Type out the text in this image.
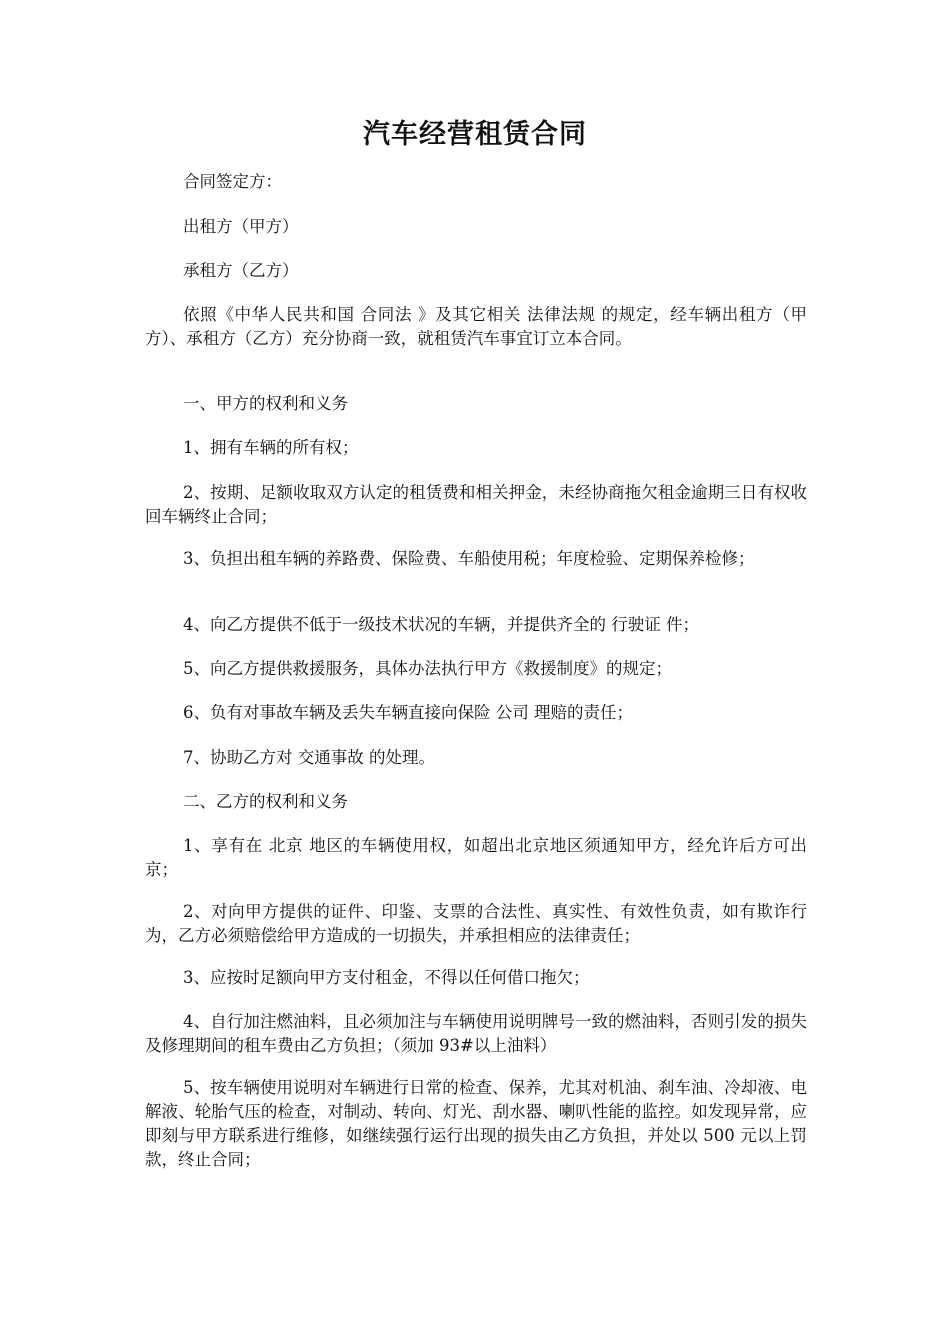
汽车经营租赁合同

合同签定方：

出租方（甲方）

承租方（乙方）

依照《中华人民共和国 合同法 》及其它相关 法律法规 的规定，经车辆出租方（甲方）、承租方（乙方）充分协商一致，就租赁汽车事宜订立本合同。

一、甲方的权利和义务

1、拥有车辆的所有权；

2、按期、足额收取双方认定的租赁费和相关押金，未经协商拖欠租金逾期三日有权收回车辆终止合同；

3、负担出租车辆的养路费、保险费、车船使用税；年度检验、定期保养检修；

4、向乙方提供不低于一级技术状况的车辆，并提供齐全的 行驶证 件；

5、向乙方提供救援服务，具体办法执行甲方《救援制度》的规定；

6、负有对事故车辆及丢失车辆直接向保险 公司 理赔的责任；

7、协助乙方对 交通事故 的处理。

二、乙方的权利和义务

1、享有在 北京 地区的车辆使用权，如超出北京地区须通知甲方，经允许后方可出京；

2、对向甲方提供的证件、印鉴、支票的合法性、真实性、有效性负责，如有欺诈行为，乙方必须赔偿给甲方造成的一切损失，并承担相应的法律责任；

3、应按时足额向甲方支付租金，不得以任何借口拖欠；

4、自行加注燃油料，且必须加注与车辆使用说明牌号一致的燃油料，否则引发的损失及修理期间的租车费由乙方负担；（须加 93#以上油料）

5、按车辆使用说明对车辆进行日常的检查、保养，尤其对机油、刹车油、冷却液、电解液、轮胎气压的检查，对制动、转向、灯光、刮水器、喇叭性能的监控。如发现异常，应即刻与甲方联系进行维修，如继续强行运行出现的损失由乙方负担，并处以 500 元以上罚款，终止合同；
